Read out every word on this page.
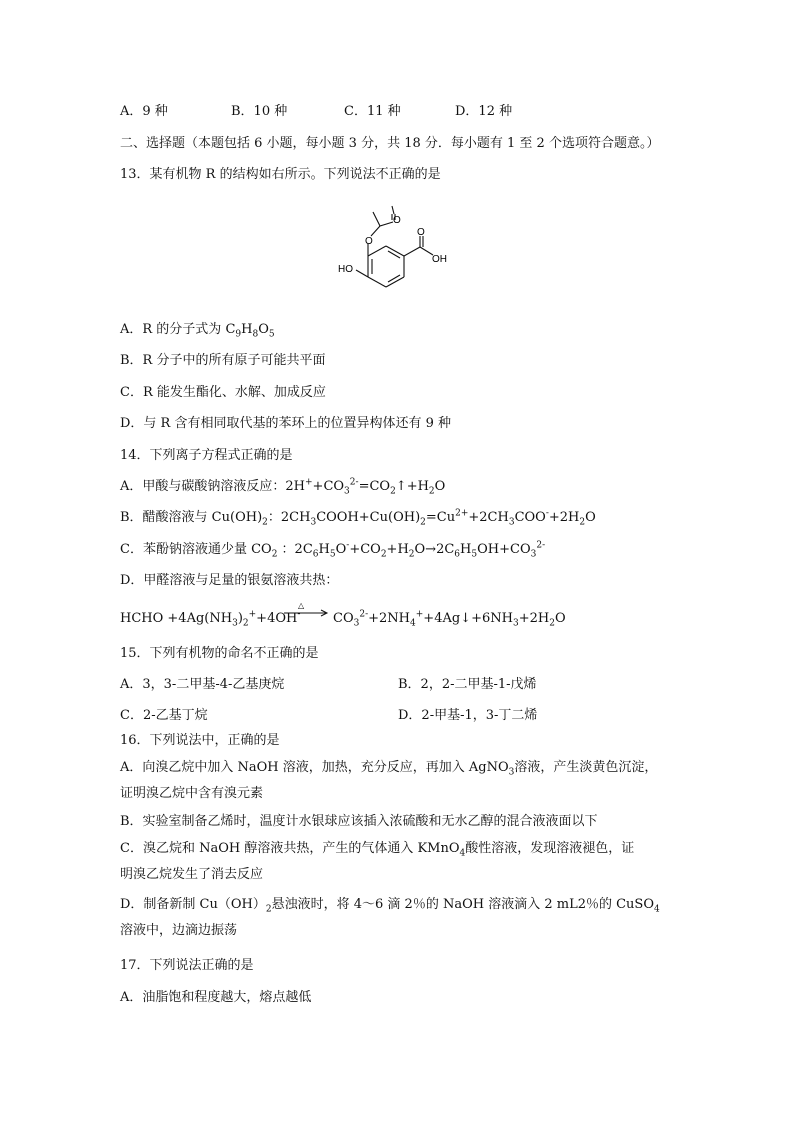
A．9 种	B．10 种	C．11 种	D．12 种
二、选择题（本题包括 6 小题，每小题 3 分，共 18 分．每小题有 1 至 2 个选项符合题意。）
13．某有机物 R 的结构如右所示。下列说法不正确的是
O
O
HO
O
OH
A．R 的分子式为 $C_9H_8O_5$
B．R 分子中的所有原子可能共平面
C．R 能发生酯化、水解、加成反应
D．与 R 含有相同取代基的苯环上的位置异构体还有 9 种
14．下列离子方程式正确的是
A．甲酸与碳酸钠溶液反应：$2H^++CO_3^{2-}=CO_2↑+H_2O$
B．醋酸溶液与 $Cu(OH)_2$：$2CH_3COOH+Cu(OH)_2=Cu^{2+}+2CH_3COO^-+2H_2O$
C．苯酚钠溶液通少量 $CO_2$ ：$2C_6H_5O^-+CO_2+H_2O\to 2C_6H_5OH+CO_3^{2-}$
D．甲醛溶液与足量的银氨溶液共热：
HCHO $+4Ag(NH_3)_2^++4OH^-$
△
$CO_3^{2-}+2NH_4^++4Ag↓+6NH_3+2H_2O$
15．下列有机物的命名不正确的是
A．3，3-二甲基-4-乙基庚烷	B．2，2-二甲基-1-戊烯
C．2-乙基丁烷	D．2-甲基-1，3-丁二烯
16．下列说法中，正确的是
A．向溴乙烷中加入 NaOH 溶液，加热，充分反应，再加入 AgNO$_3$溶液，产生淡黄色沉淀，
证明溴乙烷中含有溴元素
B．实验室制备乙烯时，温度计水银球应该插入浓硫酸和无水乙醇的混合液液面以下
C．溴乙烷和 NaOH 醇溶液共热，产生的气体通入 KMnO$_4$酸性溶液，发现溶液褪色，证
明溴乙烷发生了消去反应
D．制备新制 $Cu(OH)_2$悬浊液时，将 4～6 滴 2％的 NaOH 溶液滴入 2 mL2％的 CuSO$_4$
溶液中，边滴边振荡
17．下列说法正确的是
A．油脂饱和程度越大，熔点越低
